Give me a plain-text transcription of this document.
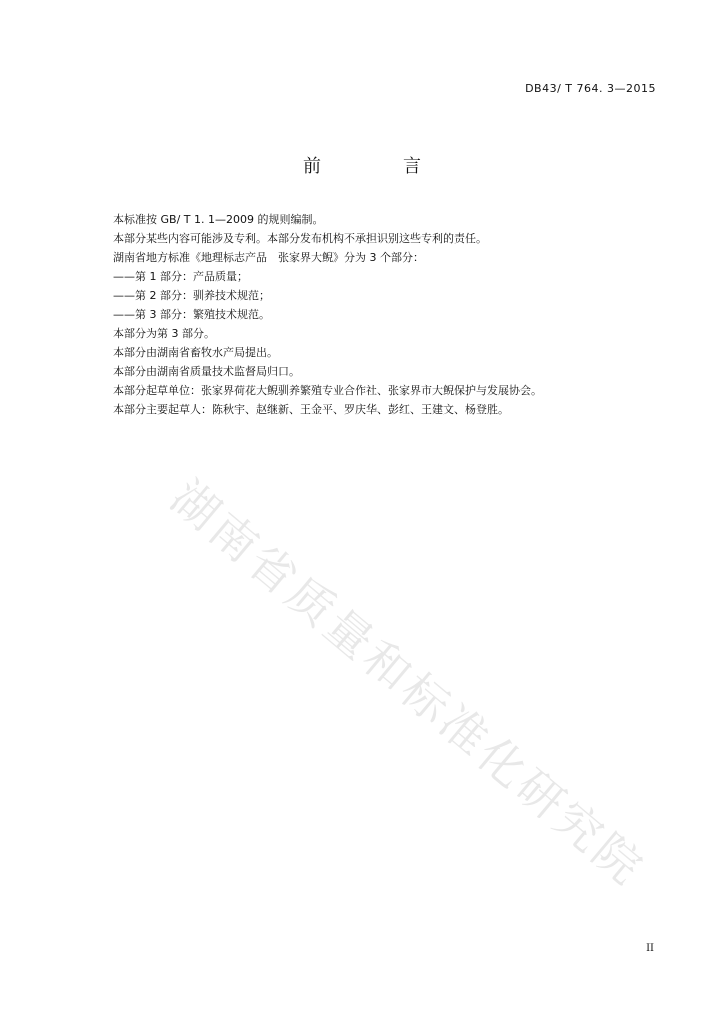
DB43/ T 764. 3—2015
前　言
本标准按 GB/ T 1. 1—2009 的规则编制。
本部分某些内容可能涉及专利。本部分发布机构不承担识别这些专利的责任。
湖南省地方标准《地理标志产品　张家界大鲵》分为 3 个部分：
——第 1 部分：产品质量；
——第 2 部分：驯养技术规范；
——第 3 部分：繁殖技术规范。
本部分为第 3 部分。
本部分由湖南省畜牧水产局提出。
本部分由湖南省质量技术监督局归口。
本部分起草单位：张家界荷花大鲵驯养繁殖专业合作社、张家界市大鲵保护与发展协会。
本部分主要起草人：陈秋宇、赵继新、王金平、罗庆华、彭红、王建文、杨登胜。
湖南省质量和标准化研究院
II
